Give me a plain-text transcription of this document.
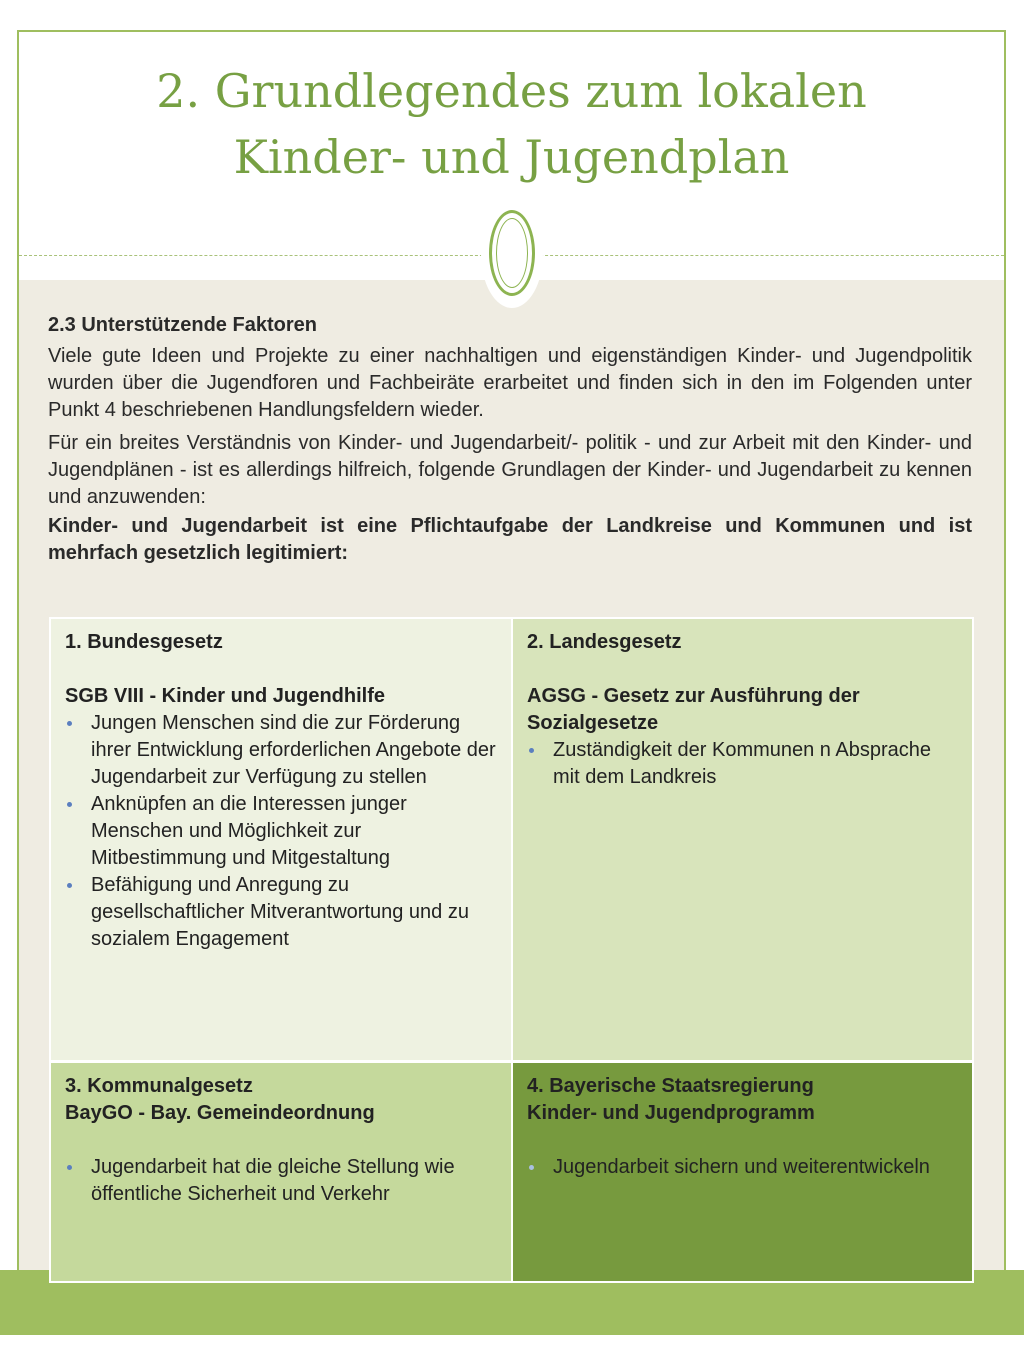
2. Grundlegendes zum lokalen
Kinder- und Jugendplan

2.3 Unterstützende Faktoren

Viele gute Ideen und Projekte zu einer nachhaltigen und eigenständigen Kinder- und Jugendpolitik wurden über die Jugendforen und Fachbeiräte erarbeitet und finden sich in den im Folgenden unter Punkt 4 beschriebenen Handlungsfeldern wieder.

Für ein breites Verständnis von Kinder- und Jugendarbeit/- politik - und zur Arbeit mit den Kinder- und Jugendplänen - ist es allerdings hilfreich, folgende Grundlagen der Kinder- und Jugendarbeit zu kennen und anzuwenden:

Kinder- und Jugendarbeit ist eine Pflichtaufgabe der Landkreise und Kommunen und ist mehrfach gesetzlich legitimiert:

1. Bundesgesetz
SGB VIII - Kinder und Jugendhilfe
Jungen Menschen sind die zur Förderung ihrer Entwicklung erforderlichen Angebote der Jugendarbeit zur Verfügung zu stellen
Anknüpfen an die Interessen junger Menschen und Möglichkeit zur Mitbestimmung und Mitgestaltung
Befähigung und Anregung zu gesellschaftlicher Mitverantwortung und zu sozialem Engagement
2. Landesgesetz
AGSG - Gesetz zur Ausführung der Sozialgesetze
Zuständigkeit der Kommunen n Absprache mit dem Landkreis
3. Kommunalgesetz
BayGO - Bay. Gemeindeordnung
Jugendarbeit hat die gleiche Stellung wie öffentliche Sicherheit und Verkehr
4. Bayerische Staatsregierung
Kinder- und Jugendprogramm
Jugendarbeit sichern und weiterentwickeln
